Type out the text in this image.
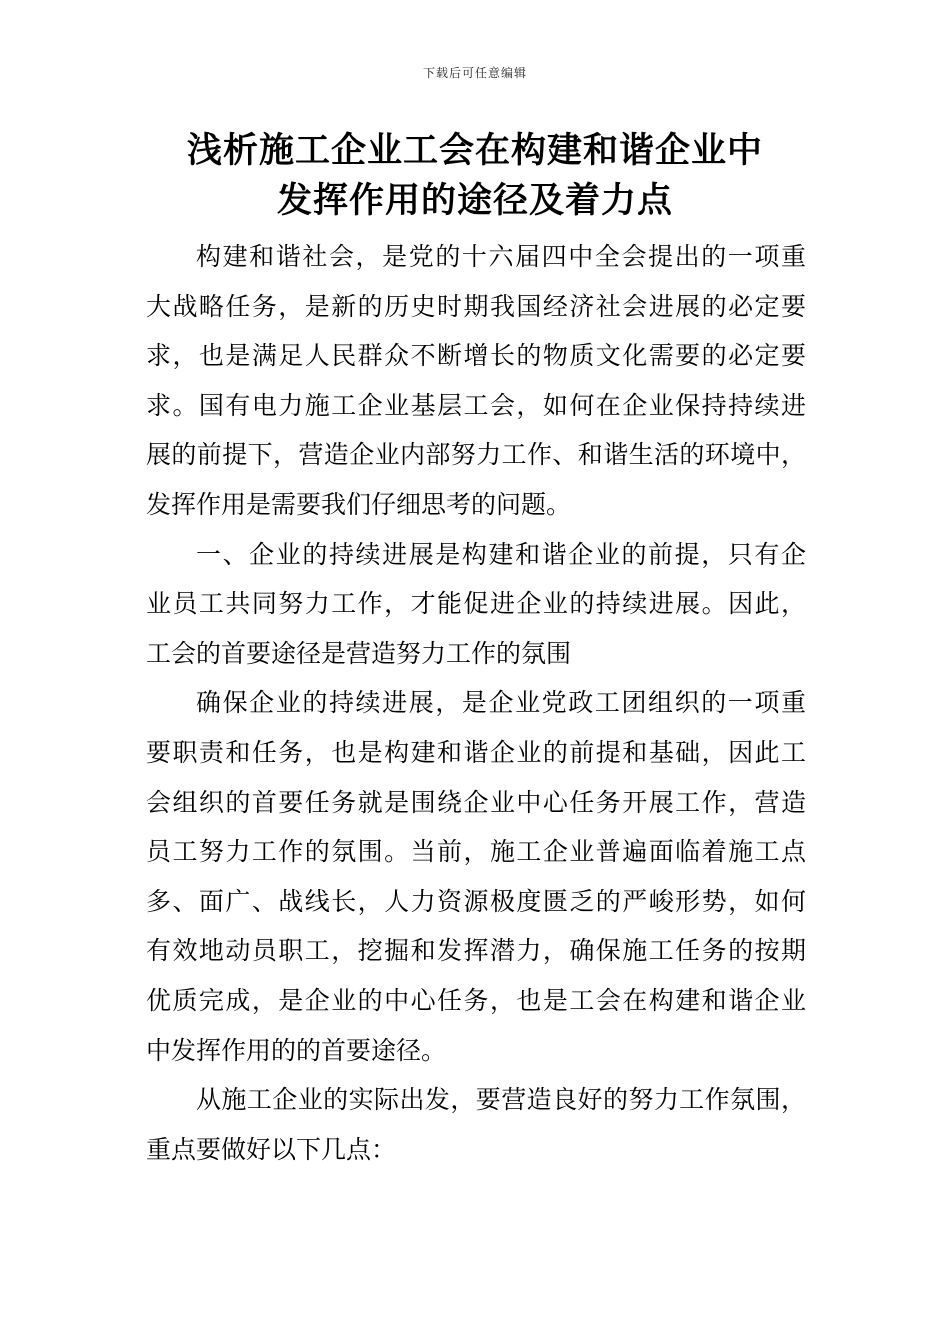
下载后可任意编辑
浅析施工企业工会在构建和谐企业中
发挥作用的途径及着力点

构建和谐社会，是党的十六届四中全会提出的一项重
大战略任务，是新的历史时期我国经济社会进展的必定要
求，也是满足人民群众不断增长的物质文化需要的必定要
求。国有电力施工企业基层工会，如何在企业保持持续进
展的前提下，营造企业内部努力工作、和谐生活的环境中，
发挥作用是需要我们仔细思考的问题。

一、企业的持续进展是构建和谐企业的前提，只有企
业员工共同努力工作，才能促进企业的持续进展。因此，
工会的首要途径是营造努力工作的氛围

确保企业的持续进展，是企业党政工团组织的一项重
要职责和任务，也是构建和谐企业的前提和基础，因此工
会组织的首要任务就是围绕企业中心任务开展工作，营造
员工努力工作的氛围。当前，施工企业普遍面临着施工点
多、面广、战线长，人力资源极度匮乏的严峻形势，如何
有效地动员职工，挖掘和发挥潜力，确保施工任务的按期
优质完成，是企业的中心任务，也是工会在构建和谐企业
中发挥作用的的首要途径。

从施工企业的实际出发，要营造良好的努力工作氛围，
重点要做好以下几点：
